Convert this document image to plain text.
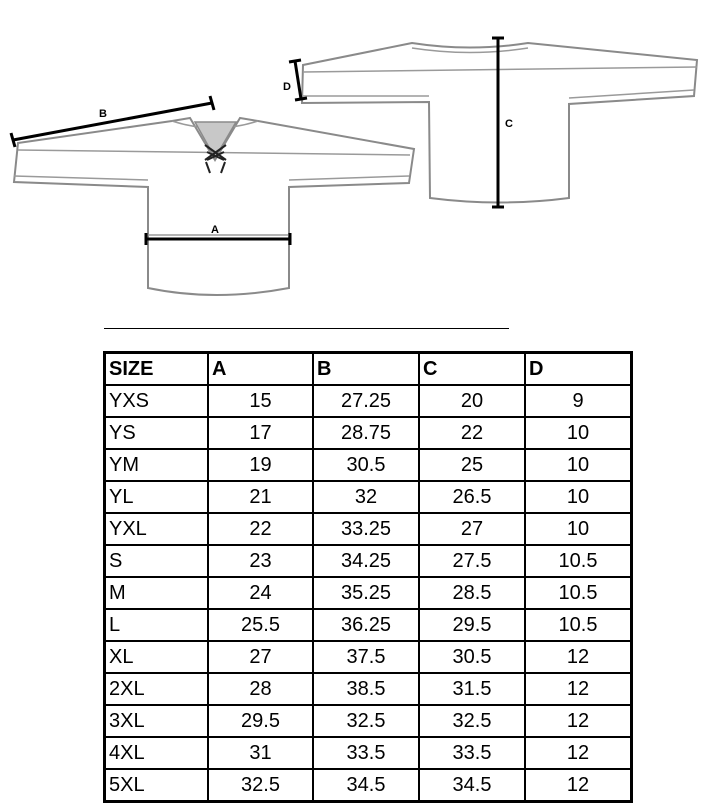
B
A
C
D
SIZE	A	B	C	D
YXS	15	27.25	20	9
YS	17	28.75	22	10
YM	19	30.5	25	10
YL	21	32	26.5	10
YXL	22	33.25	27	10
S	23	34.25	27.5	10.5
M	24	35.25	28.5	10.5
L	25.5	36.25	29.5	10.5
XL	27	37.5	30.5	12
2XL	28	38.5	31.5	12
3XL	29.5	32.5	32.5	12
4XL	31	33.5	33.5	12
5XL	32.5	34.5	34.5	12
